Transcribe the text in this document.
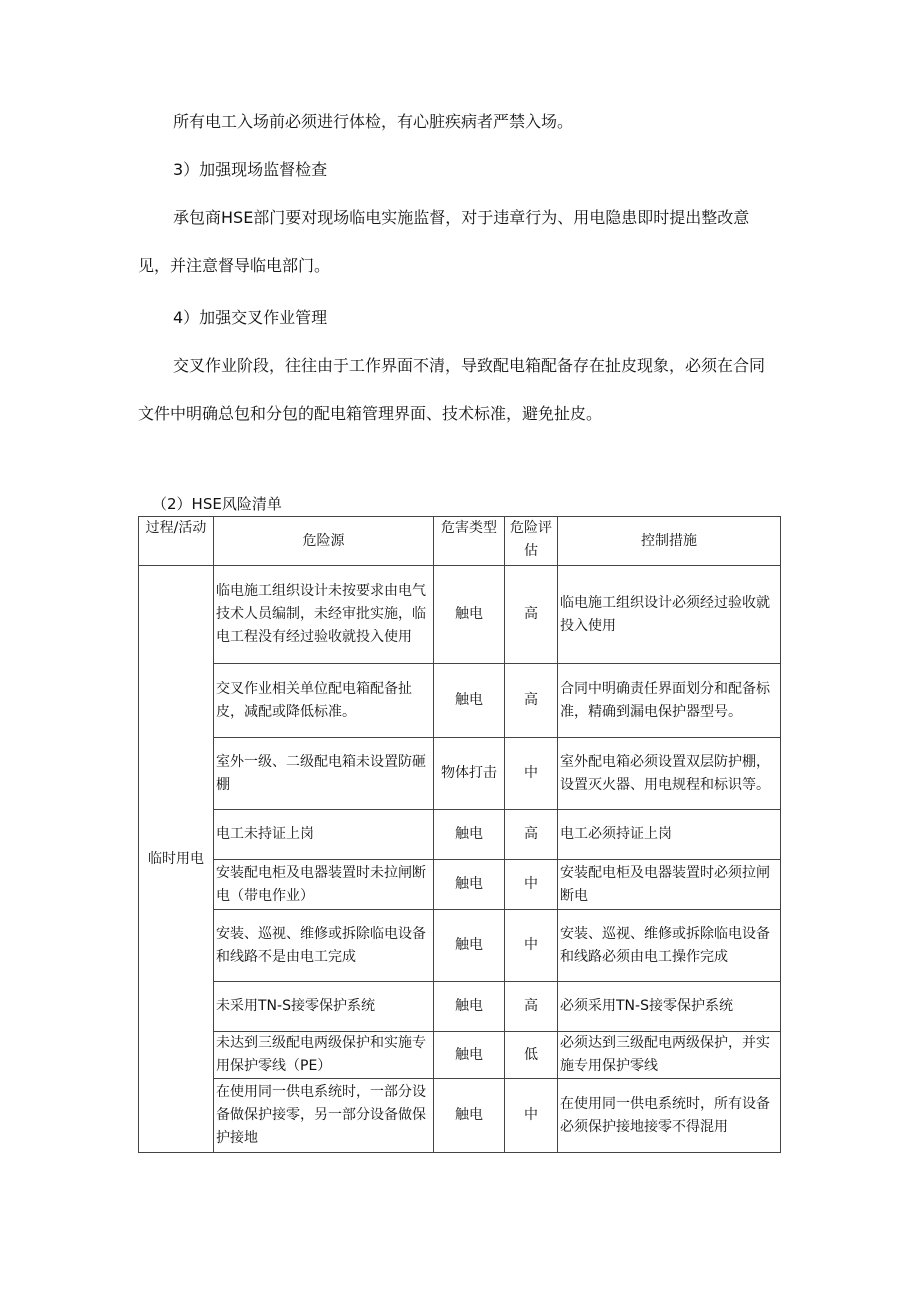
所有电工入场前必须进行体检，有心脏疾病者严禁入场。

3）加强现场监督检查

承包商HSE部门要对现场临电实施监督，对于违章行为、用电隐患即时提出整改意见，并注意督导临电部门。

4）加强交叉作业管理

交叉作业阶段，往往由于工作界面不清，导致配电箱配备存在扯皮现象，必须在合同文件中明确总包和分包的配电箱管理界面、技术标准，避免扯皮。

（2）HSE风险清单

过程/活动	危险源	危害类型	危险评估	控制措施
临时用电	临电施工组织设计未按要求由电气技术人员编制，未经审批实施，临电工程没有经过验收就投入使用	触电	高	临电施工组织设计必须经过验收就投入使用
	交叉作业相关单位配电箱配备扯皮，减配或降低标准。	触电	高	合同中明确责任界面划分和配备标准，精确到漏电保护器型号。
	室外一级、二级配电箱未设置防砸棚	物体打击	中	室外配电箱必须设置双层防护棚，设置灭火器、用电规程和标识等。
	电工未持证上岗	触电	高	电工必须持证上岗
	安装配电柜及电器装置时未拉闸断电（带电作业）	触电	中	安装配电柜及电器装置时必须拉闸断电
	安装、巡视、维修或拆除临电设备和线路不是由电工完成	触电	中	安装、巡视、维修或拆除临电设备和线路必须由电工操作完成
	未采用TN-S接零保护系统	触电	高	必须采用TN-S接零保护系统
	未达到三级配电两级保护和实施专用保护零线（PE）	触电	低	必须达到三级配电两级保护，并实施专用保护零线
	在使用同一供电系统时，一部分设备做保护接零，另一部分设备做保护接地	触电	中	在使用同一供电系统时，所有设备必须保护接地接零不得混用
